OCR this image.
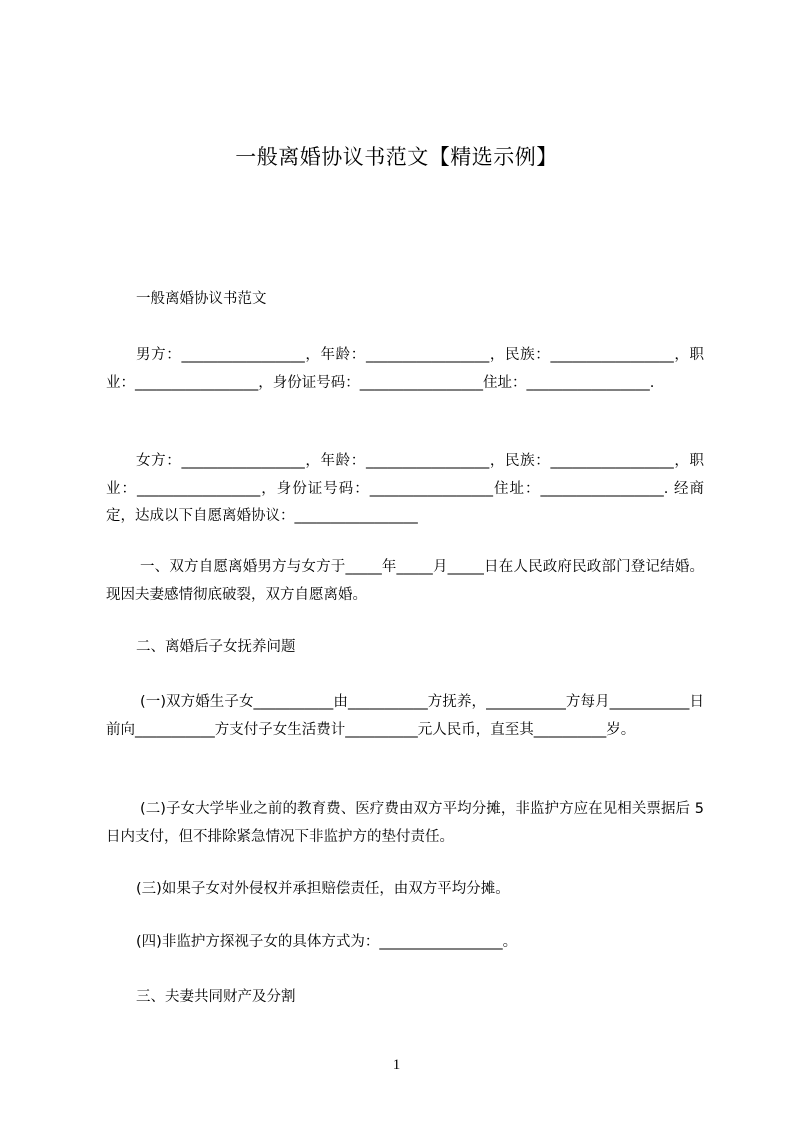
一般离婚协议书范文【精选示例】

一般离婚协议书范文

男方：_________________，年龄：_________________，民族：_________________，职业：_________________，身份证号码：_________________住址：_________________.

女方：_________________，年龄：_________________，民族：_________________，职业：_________________，身份证号码：_________________住址：_________________. 经商定，达成以下自愿离婚协议：_________________

一、双方自愿离婚男方与女方于_____年_____月_____日在人民政府民政部门登记结婚。现因夫妻感情彻底破裂，双方自愿离婚。

二、离婚后子女抚养问题

(一)双方婚生子女___________由___________方抚养，___________方每月___________日前向___________方支付子女生活费计__________元人民币，直至其__________岁。

(二)子女大学毕业之前的教育费、医疗费由双方平均分摊，非监护方应在见相关票据后 5 日内支付，但不排除紧急情况下非监护方的垫付责任。

(三)如果子女对外侵权并承担赔偿责任，由双方平均分摊。

(四)非监护方探视子女的具体方式为：_________________。

三、夫妻共同财产及分割

1
